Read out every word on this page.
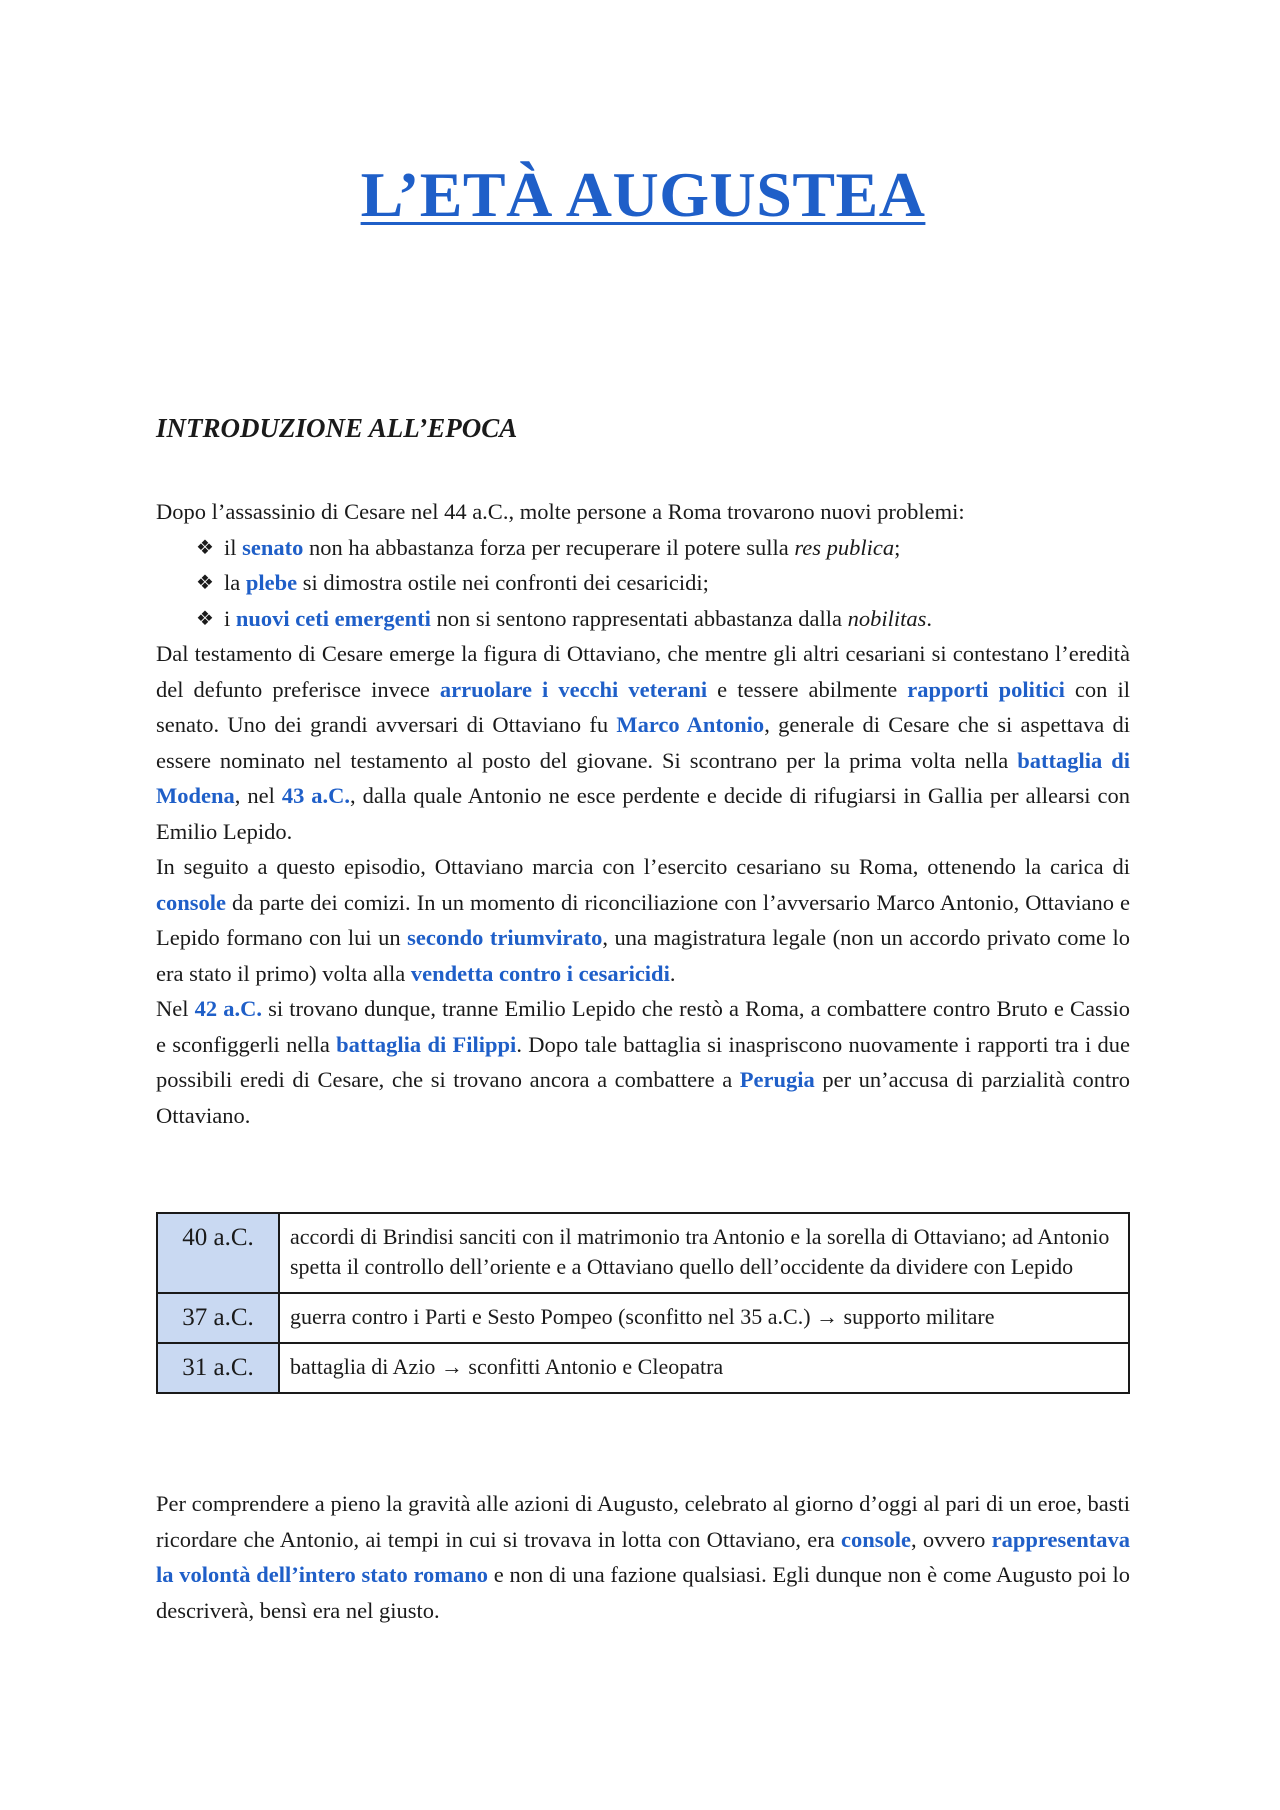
L’ETÀ AUGUSTEA
INTRODUZIONE ALL’EPOCA

Dopo l’assassinio di Cesare nel 44 a.C., molte persone a Roma trovarono nuovi problemi:

❖ il senato non ha abbastanza forza per recuperare il potere sulla res publica;
❖ la plebe si dimostra ostile nei confronti dei cesaricidi;
❖ i nuovi ceti emergenti non si sentono rappresentati abbastanza dalla nobilitas.

Dal testamento di Cesare emerge la figura di Ottaviano, che mentre gli altri cesariani si contestano l’eredità del defunto preferisce invece arruolare i vecchi veterani e tessere abilmente rapporti politici con il senato. Uno dei grandi avversari di Ottaviano fu Marco Antonio, generale di Cesare che si aspettava di essere nominato nel testamento al posto del giovane. Si scontrano per la prima volta nella battaglia di Modena, nel 43 a.C., dalla quale Antonio ne esce perdente e decide di rifugiarsi in Gallia per allearsi con Emilio Lepido.

In seguito a questo episodio, Ottaviano marcia con l’esercito cesariano su Roma, ottenendo la carica di console da parte dei comizi. In un momento di riconciliazione con l’avversario Marco Antonio, Ottaviano e Lepido formano con lui un secondo triumvirato, una magistratura legale (non un accordo privato come lo era stato il primo) volta alla vendetta contro i cesaricidi.

Nel 42 a.C. si trovano dunque, tranne Emilio Lepido che restò a Roma, a combattere contro Bruto e Cassio e sconfiggerli nella battaglia di Filippi. Dopo tale battaglia si inaspriscono nuovamente i rapporti tra i due possibili eredi di Cesare, che si trovano ancora a combattere a Perugia per un’accusa di parzialità contro Ottaviano.

40 a.C.	accordi di Brindisi sanciti con il matrimonio tra Antonio e la sorella di Ottaviano; ad Antonio spetta il controllo dell’oriente e a Ottaviano quello dell’occidente da dividere con Lepido
37 a.C.	guerra contro i Parti e Sesto Pompeo (sconfitto nel 35 a.C.) → supporto militare
31 a.C.	battaglia di Azio → sconfitti Antonio e Cleopatra

Per comprendere a pieno la gravità alle azioni di Augusto, celebrato al giorno d’oggi al pari di un eroe, basti ricordare che Antonio, ai tempi in cui si trovava in lotta con Ottaviano, era console, ovvero rappresentava la volontà dell’intero stato romano e non di una fazione qualsiasi. Egli dunque non è come Augusto poi lo descriverà, bensì era nel giusto.
